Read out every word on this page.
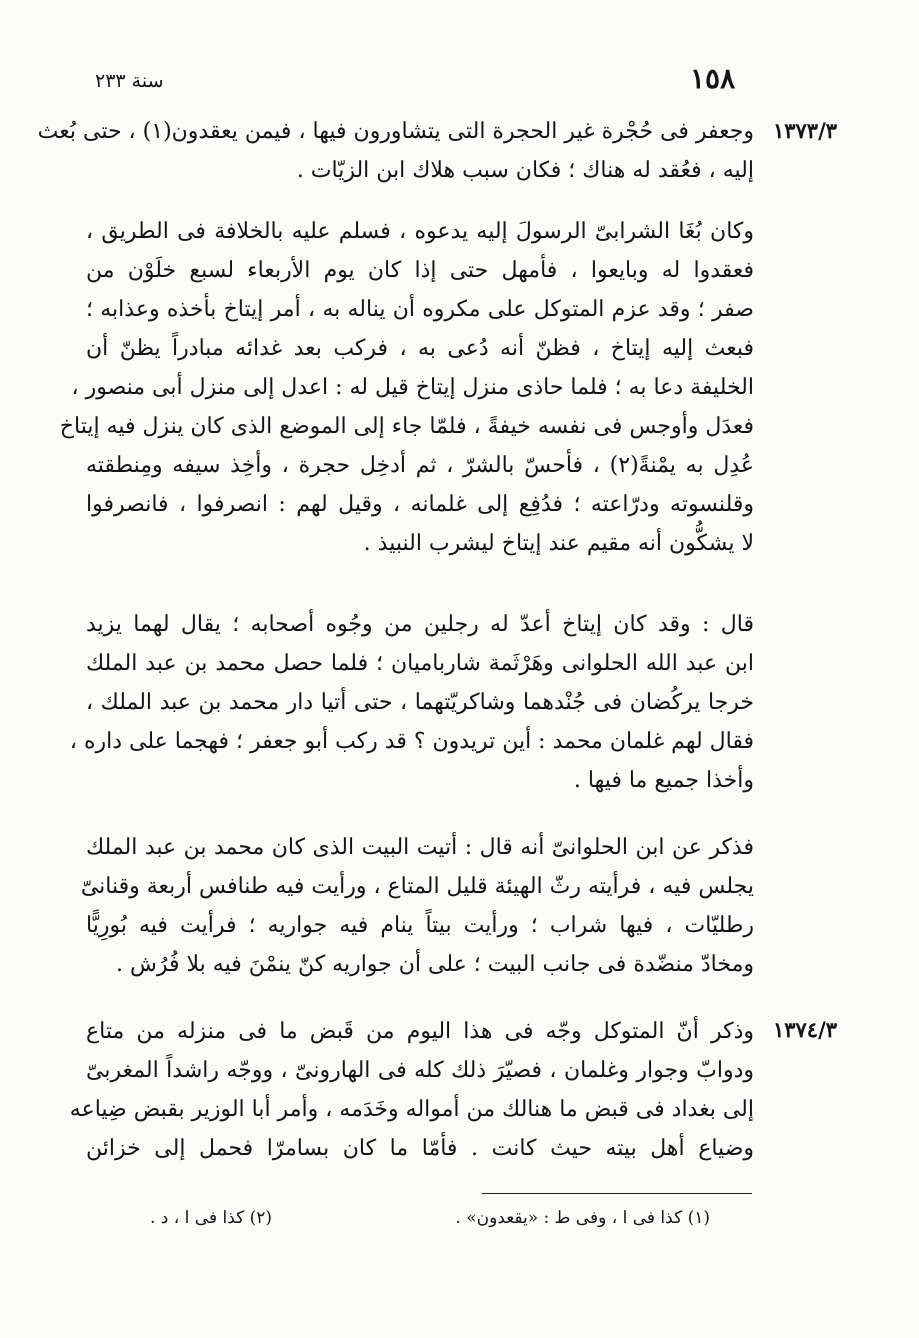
سنة ٢٣٣	١٥٨
١٣٧٣/٣
١٣٧٤/٣
وجعفر فى حُجْرة غير الحجرة التى يتشاورون فيها ، فيمن يعقدون(١) ، حتى بُعث
إليه ، فعُقد له هناك ؛ فكان سبب هلاك ابن الزيّات .
وكان بُغَا الشرابىّ الرسولَ إليه يدعوه ، فسلم عليه بالخلافة فى الطريق ،
فعقدوا له وبايعوا ، فأمهل حتى إذا كان يوم الأربعاء لسبع خلَوْن من
صفر ؛ وقد عزم المتوكل على مكروه أن يناله به ، أمر إيتاخ بأخذه وعذابه ؛
فبعث إليه إيتاخ ، فظنّ أنه دُعى به ، فركب بعد غدائه مبادراً يظنّ أن
الخليفة دعا به ؛ فلما حاذى منزل إيتاخ قيل له : اعدل إلى منزل أبى منصور ،
فعدَل وأوجس فى نفسه خيفةً ، فلمّا جاء إلى الموضع الذى كان ينزل فيه إيتاخ
عُدِل به يمْنةً(٢) ، فأحسّ بالشرّ ، ثم أدخِل حجرة ، وأخِذ سيفه ومِنطقته
وقلنسوته ودرّاعته ؛ فدُفِع إلى غلمانه ، وقيل لهم : انصرفوا ، فانصرفوا
لا يشكُّون أنه مقيم عند إيتاخ ليشرب النبيذ .
قال : وقد كان إيتاخ أعدّ له رجلين من وجُوه أصحابه ؛ يقال لهما يزيد
ابن عبد الله الحلوانى وهَرْثَمة شارباميان ؛ فلما حصل محمد بن عبد الملك
خرجا يركُضان فى جُنْدهما وشاكريّتهما ، حتى أتيا دار محمد بن عبد الملك ،
فقال لهم غلمان محمد : أين تريدون ؟ قد ركب أبو جعفر ؛ فهجما على داره ،
وأخذا جميع ما فيها .
فذكر عن ابن الحلوانىّ أنه قال : أتيت البيت الذى كان محمد بن عبد الملك
يجلس فيه ، فرأيته رثّ الهيئة قليل المتاع ، ورأيت فيه طنافس أربعة وقنانىّ
رطليّات ، فيها شراب ؛ ورأيت بيتاً ينام فيه جواريه ؛ فرأيت فيه بُورِيًّا
ومخادّ منضّدة فى جانب البيت ؛ على أن جواريه كنّ ينمْنَ فيه بلا فُرُش .
وذكر أنّ المتوكل وجّه فى هذا اليوم من قَبض ما فى منزله من متاع
ودوابّ وجوار وغلمان ، فصيّرَ ذلك كله فى الهارونىّ ، ووجّه راشداً المغربىّ
إلى بغداد فى قبض ما هنالك من أمواله وخَدَمه ، وأمر أبا الوزير بقبض ضِياعه
وضياع أهل بيته حيث كانت . فأمّا ما كان بسامرّا فحمل إلى خزائن
(١) كذا فى ا ، وفى ط : «يقعدون» .
(٢) كذا فى ا ، د .
